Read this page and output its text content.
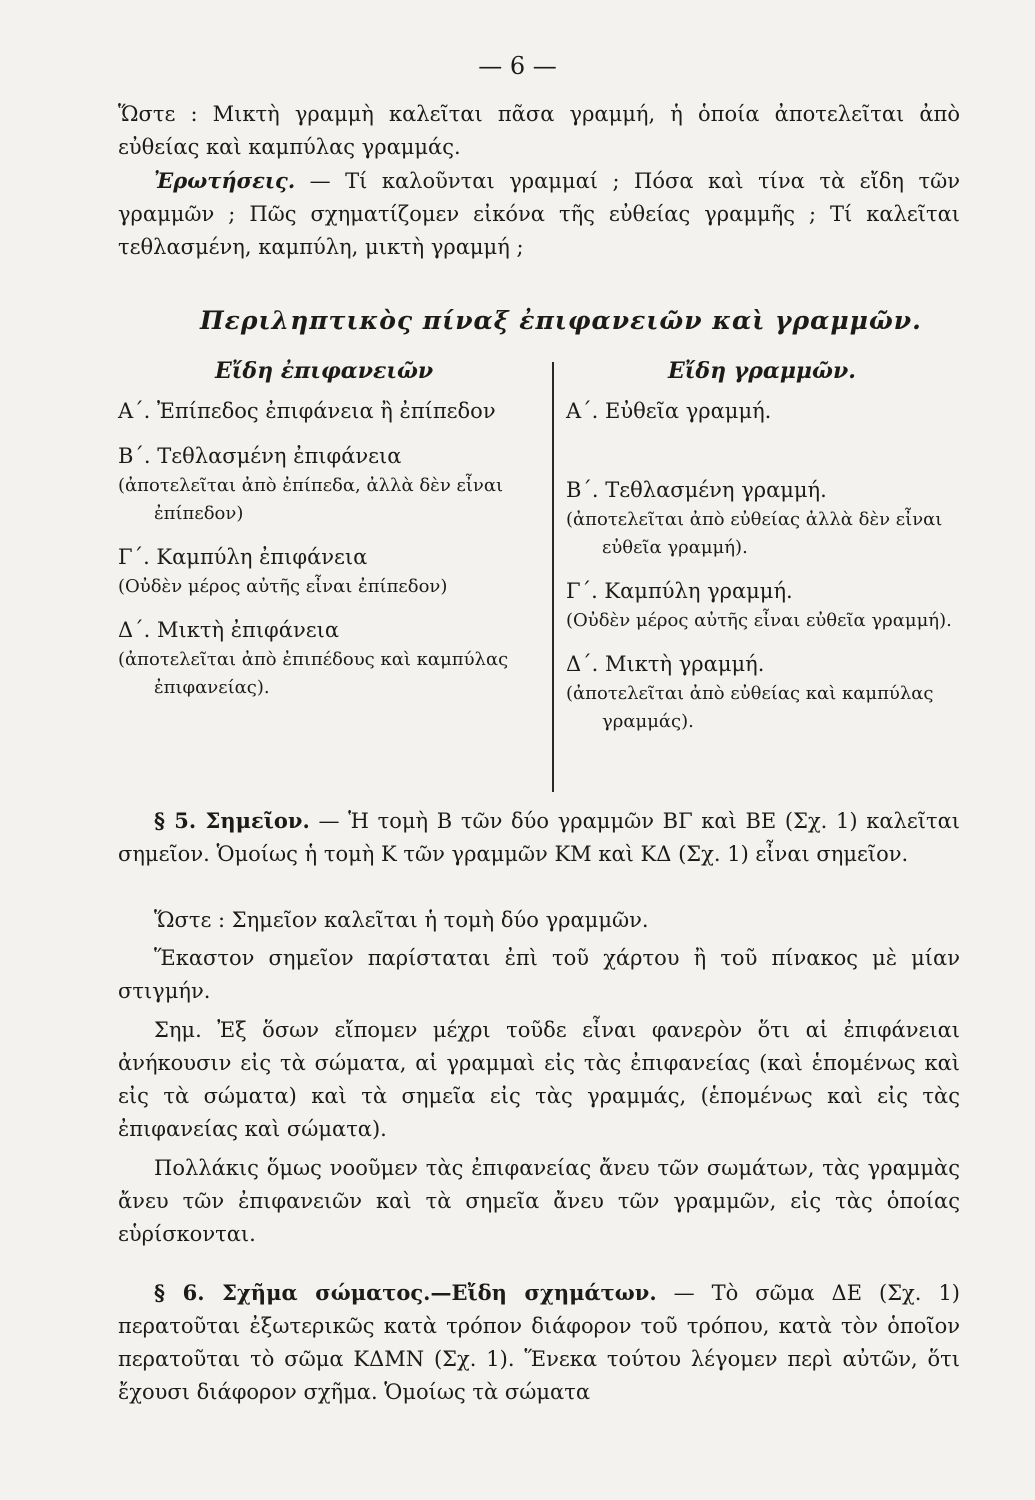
— 6 —
Ὥστε : Μικτὴ γραμμὴ καλεῖται πᾶσα γραμμή, ἡ ὁποία ἀποτελεῖται ἀπὸ εὐθείας καὶ καμπύλας γραμμάς.
Ἐρωτήσεις. — Τί καλοῦνται γραμμαί ; Πόσα καὶ τίνα τὰ εἴδη τῶν γραμμῶν ; Πῶς σχηματίζομεν εἰκόνα τῆς εὐθείας γραμμῆς ; Τί καλεῖται τεθλασμένη, καμπύλη, μικτὴ γραμμή ;
Περιληπτικὸς πίναξ ἐπιφανειῶν καὶ γραμμῶν.
Εἴδη ἐπιφανειῶν	Εἴδη γραμμῶν.
Α΄. Ἐπίπεδος ἐπιφάνεια ἢ ἐπίπεδον
Β΄. Τεθλασμένη ἐπιφάνεια
(ἀποτελεῖται ἀπὸ ἐπίπεδα, ἀλλὰ δὲν εἶναι ἐπίπεδον)
Γ΄. Καμπύλη ἐπιφάνεια
(Οὐδὲν μέρος αὐτῆς εἶναι ἐπίπεδον)
Δ΄. Μικτὴ ἐπιφάνεια
(ἀποτελεῖται ἀπὸ ἐπιπέδους καὶ καμπύλας ἐπιφανείας).
Α΄. Εὐθεῖα γραμμή.
Β΄. Τεθλασμένη γραμμή.
(ἀποτελεῖται ἀπὸ εὐθείας ἀλλὰ δὲν εἶναι εὐθεῖα γραμμή).
Γ΄. Καμπύλη γραμμή.
(Οὐδὲν μέρος αὐτῆς εἶναι εὐθεῖα γραμμή).
Δ΄. Μικτὴ γραμμή.
(ἀποτελεῖται ἀπὸ εὐθείας καὶ καμπύλας γραμμάς).
§ 5. Σημεῖον. — Ἡ τομὴ Β τῶν δύο γραμμῶν ΒΓ καὶ ΒΕ (Σχ. 1) καλεῖται σημεῖον. Ὁμοίως ἡ τομὴ Κ τῶν γραμμῶν ΚΜ καὶ ΚΔ (Σχ. 1) εἶναι σημεῖον.
Ὥστε : Σημεῖον καλεῖται ἡ τομὴ δύο γραμμῶν.
Ἕκαστον σημεῖον παρίσταται ἐπὶ τοῦ χάρτου ἢ τοῦ πίνακος μὲ μίαν στιγμήν.
Σημ. Ἐξ ὅσων εἴπομεν μέχρι τοῦδε εἶναι φανερὸν ὅτι αἱ ἐπιφάνειαι ἀνήκουσιν εἰς τὰ σώματα, αἱ γραμμαὶ εἰς τὰς ἐπιφανείας (καὶ ἑπομένως καὶ εἰς τὰ σώματα) καὶ τὰ σημεῖα εἰς τὰς γραμμάς, (ἑπομένως καὶ εἰς τὰς ἐπιφανείας καὶ σώματα).
Πολλάκις ὅμως νοοῦμεν τὰς ἐπιφανείας ἄνευ τῶν σωμάτων, τὰς γραμμὰς ἄνευ τῶν ἐπιφανειῶν καὶ τὰ σημεῖα ἄνευ τῶν γραμμῶν, εἰς τὰς ὁποίας εὑρίσκονται.
§ 6. Σχῆμα σώματος.—Εἴδη σχημάτων. — Τὸ σῶμα ΔΕ (Σχ. 1) περατοῦται ἐξωτερικῶς κατὰ τρόπον διάφορον τοῦ τρόπου, κατὰ τὸν ὁποῖον περατοῦται τὸ σῶμα ΚΔΜΝ (Σχ. 1). Ἕνεκα τούτου λέγομεν περὶ αὐτῶν, ὅτι ἔχουσι διάφορον σχῆμα. Ὁμοίως τὰ σώματα
